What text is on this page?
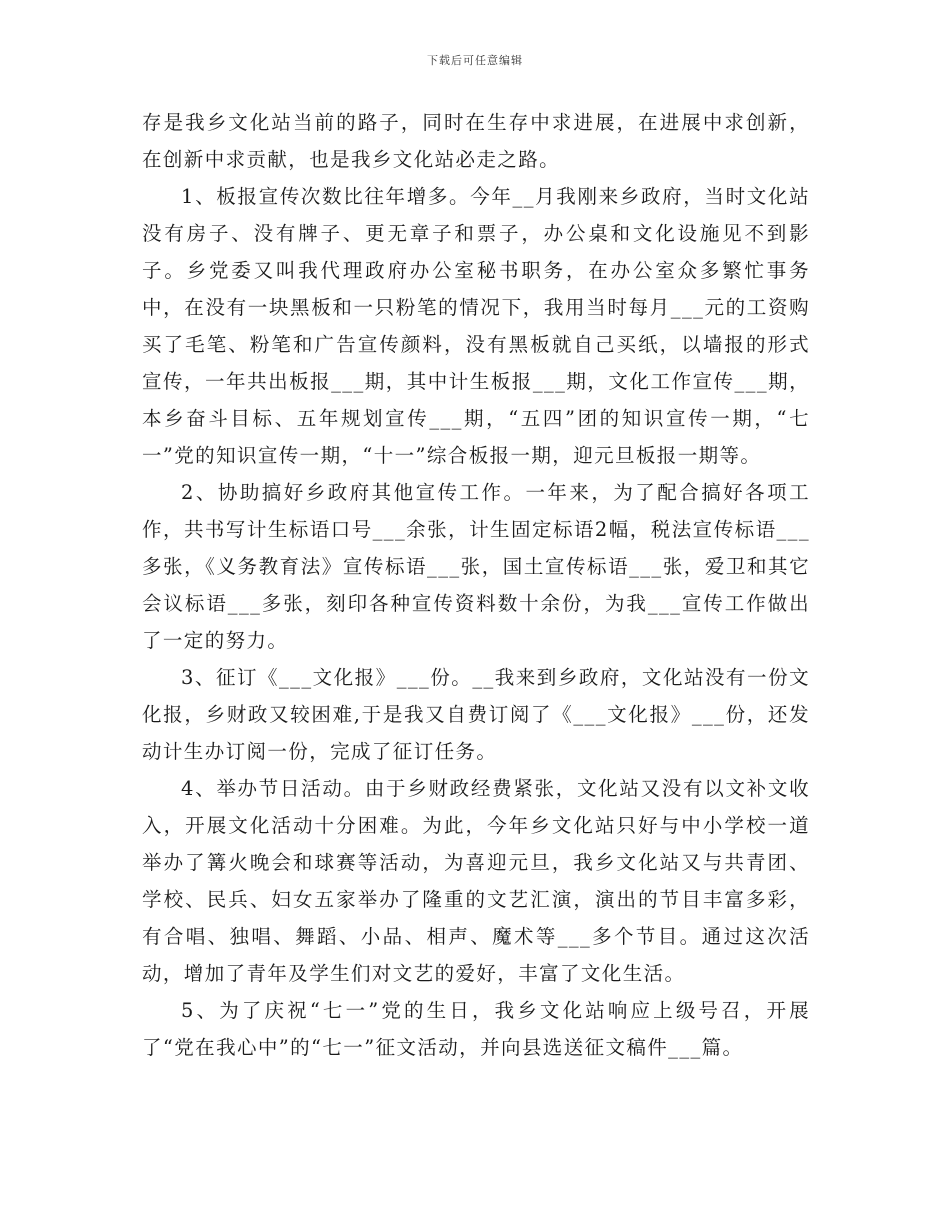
下载后可任意编辑

存是我乡文化站当前的路子，同时在生存中求进展，在进展中求创新，在创新中求贡献，也是我乡文化站必走之路。

1、板报宣传次数比往年增多。今年__月我刚来乡政府，当时文化站没有房子、没有牌子、更无章子和票子，办公桌和文化设施见不到影子。乡党委又叫我代理政府办公室秘书职务，在办公室众多繁忙事务中，在没有一块黑板和一只粉笔的情况下，我用当时每月___元的工资购买了毛笔、粉笔和广告宣传颜料，没有黑板就自己买纸，以墙报的形式宣传，一年共出板报___期，其中计生板报___期，文化工作宣传___期，本乡奋斗目标、五年规划宣传___期，“五四”团的知识宣传一期，“七一”党的知识宣传一期，“十一”综合板报一期，迎元旦板报一期等。

2、协助搞好乡政府其他宣传工作。一年来，为了配合搞好各项工作，共书写计生标语口号___余张，计生固定标语2幅，税法宣传标语___多张，《义务教育法》宣传标语___张，国土宣传标语___张，爱卫和其它会议标语___多张，刻印各种宣传资料数十余份，为我___宣传工作做出了一定的努力。

3、征订《___文化报》___份。__我来到乡政府，文化站没有一份文化报，乡财政又较困难,于是我又自费订阅了《___文化报》___份，还发动计生办订阅一份，完成了征订任务。

4、举办节日活动。由于乡财政经费紧张，文化站又没有以文补文收入，开展文化活动十分困难。为此，今年乡文化站只好与中小学校一道举办了篝火晚会和球赛等活动，为喜迎元旦，我乡文化站又与共青团、学校、民兵、妇女五家举办了隆重的文艺汇演，演出的节目丰富多彩，有合唱、独唱、舞蹈、小品、相声、魔术等___多个节目。通过这次活动，增加了青年及学生们对文艺的爱好，丰富了文化生活。

5、为了庆祝“七一”党的生日，我乡文化站响应上级号召，开展了“党在我心中”的“七一”征文活动，并向县选送征文稿件___篇。
